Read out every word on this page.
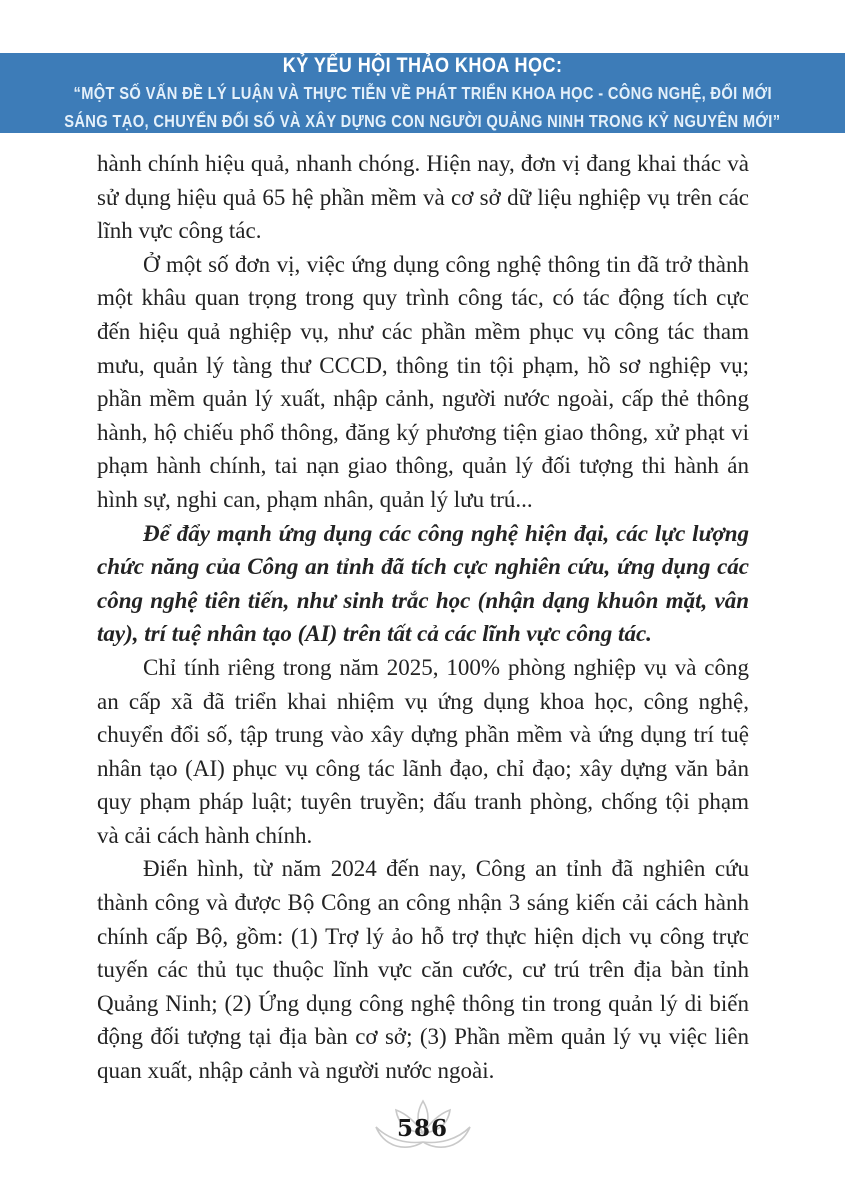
KỶ YẾU HỘI THẢO KHOA HỌC:
“MỘT SỐ VẤN ĐỀ LÝ LUẬN VÀ THỰC TIỄN VỀ PHÁT TRIỂN KHOA HỌC - CÔNG NGHỆ, ĐỔI MỚI
SÁNG TẠO, CHUYỂN ĐỔI SỐ VÀ XÂY DỰNG CON NGƯỜI QUẢNG NINH TRONG KỶ NGUYÊN MỚI”

hành chính hiệu quả, nhanh chóng. Hiện nay, đơn vị đang khai thác và sử dụng hiệu quả 65 hệ phần mềm và cơ sở dữ liệu nghiệp vụ trên các lĩnh vực công tác.

Ở một số đơn vị, việc ứng dụng công nghệ thông tin đã trở thành một khâu quan trọng trong quy trình công tác, có tác động tích cực đến hiệu quả nghiệp vụ, như các phần mềm phục vụ công tác tham mưu, quản lý tàng thư CCCD, thông tin tội phạm, hồ sơ nghiệp vụ; phần mềm quản lý xuất, nhập cảnh, người nước ngoài, cấp thẻ thông hành, hộ chiếu phổ thông, đăng ký phương tiện giao thông, xử phạt vi phạm hành chính, tai nạn giao thông, quản lý đối tượng thi hành án hình sự, nghi can, phạm nhân, quản lý lưu trú...

Để đẩy mạnh ứng dụng các công nghệ hiện đại, các lực lượng chức năng của Công an tỉnh đã tích cực nghiên cứu, ứng dụng các công nghệ tiên tiến, như sinh trắc học (nhận dạng khuôn mặt, vân tay), trí tuệ nhân tạo (AI) trên tất cả các lĩnh vực công tác.

Chỉ tính riêng trong năm 2025, 100% phòng nghiệp vụ và công an cấp xã đã triển khai nhiệm vụ ứng dụng khoa học, công nghệ, chuyển đổi số, tập trung vào xây dựng phần mềm và ứng dụng trí tuệ nhân tạo (AI) phục vụ công tác lãnh đạo, chỉ đạo; xây dựng văn bản quy phạm pháp luật; tuyên truyền; đấu tranh phòng, chống tội phạm và cải cách hành chính.

Điển hình, từ năm 2024 đến nay, Công an tỉnh đã nghiên cứu thành công và được Bộ Công an công nhận 3 sáng kiến cải cách hành chính cấp Bộ, gồm: (1) Trợ lý ảo hỗ trợ thực hiện dịch vụ công trực tuyến các thủ tục thuộc lĩnh vực căn cước, cư trú trên địa bàn tỉnh Quảng Ninh; (2) Ứng dụng công nghệ thông tin trong quản lý di biến động đối tượng tại địa bàn cơ sở; (3) Phần mềm quản lý vụ việc liên quan xuất, nhập cảnh và người nước ngoài.

586
